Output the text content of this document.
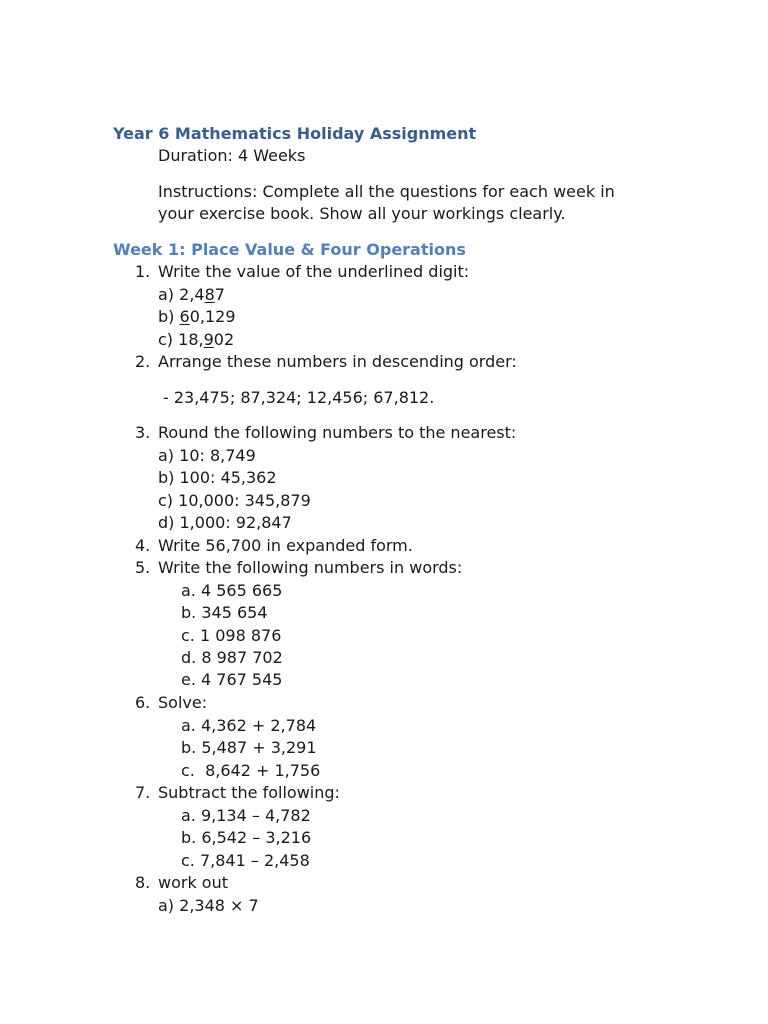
Year 6 Mathematics Holiday Assignment
Duration: 4 Weeks
Instructions: Complete all the questions for each week in
your exercise book. Show all your workings clearly.
Week 1: Place Value & Four Operations
1. Write the value of the underlined digit:
a) 2,487
b) 60,129
c) 18,902
2. Arrange these numbers in descending order:
- 23,475; 87,324; 12,456; 67,812.
3. Round the following numbers to the nearest:
a) 10: 8,749
b) 100: 45,362
c) 10,000: 345,879
d) 1,000: 92,847
4. Write 56,700 in expanded form.
5. Write the following numbers in words:
a. 4 565 665
b. 345 654
c. 1 098 876
d. 8 987 702
e. 4 767 545
6. Solve:
a. 4,362 + 2,784
b. 5,487 + 3,291
c.  8,642 + 1,756
7. Subtract the following:
a. 9,134 – 4,782
b. 6,542 – 3,216
c. 7,841 – 2,458
8. work out
a) 2,348 × 7
